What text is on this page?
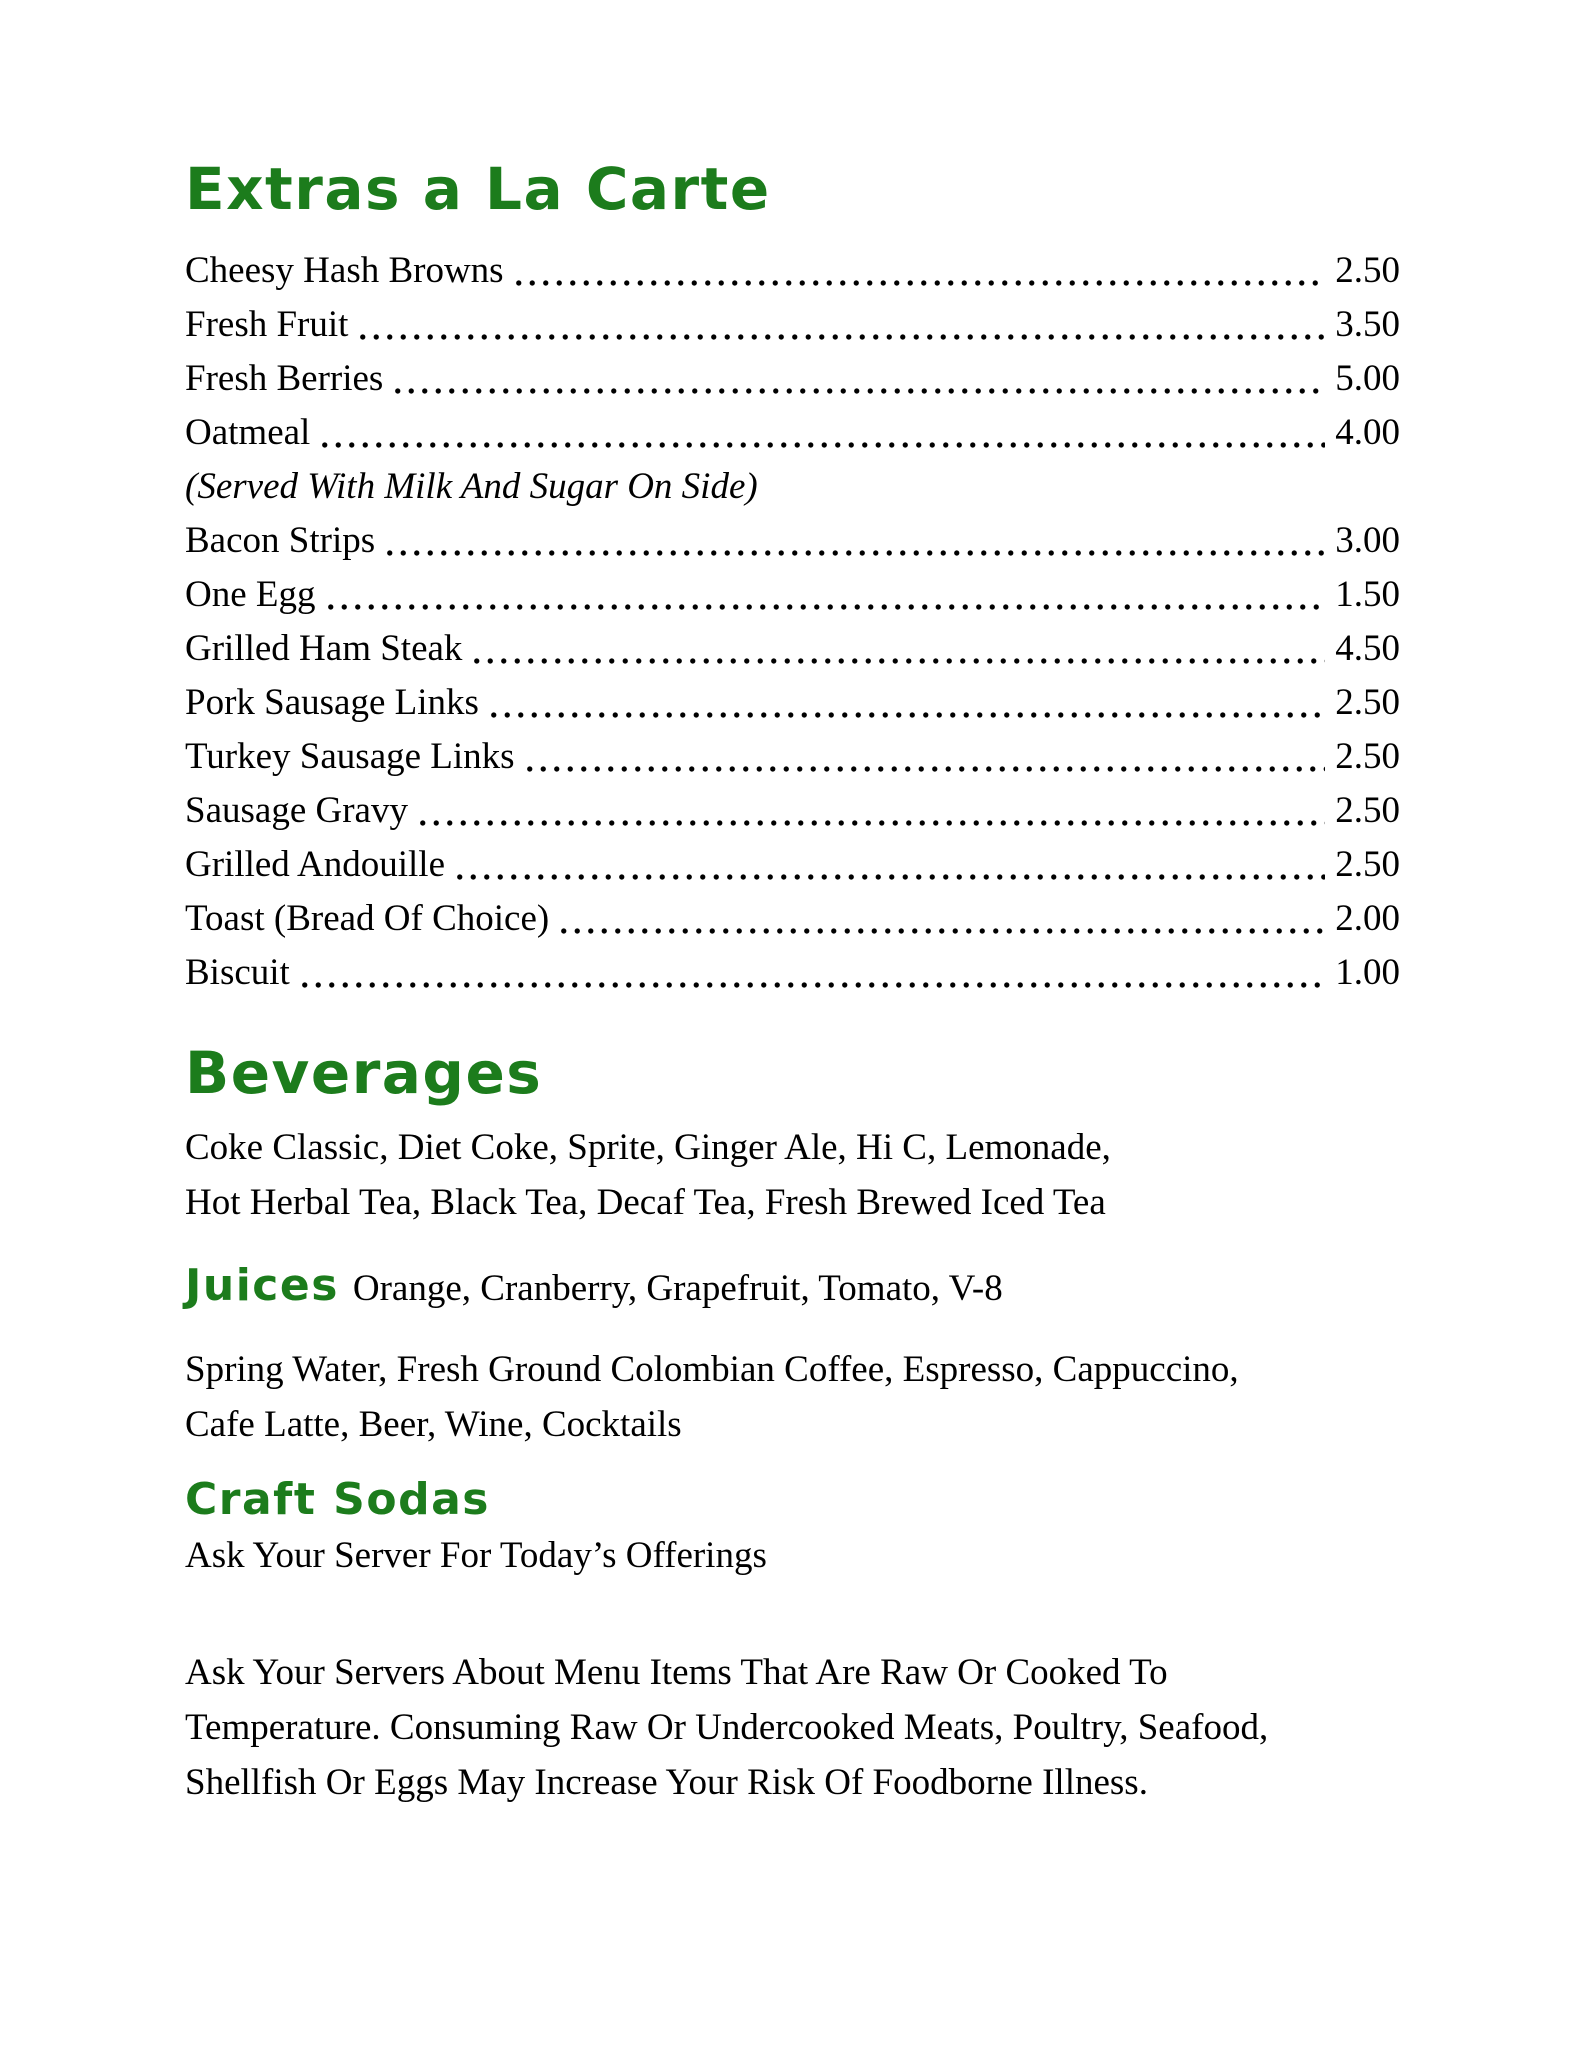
Extras a La Carte
Cheesy Hash Browns	2.50
Fresh Fruit	3.50
Fresh Berries	5.00
Oatmeal	4.00
(Served With Milk And Sugar On Side)
Bacon Strips	3.00
One Egg	1.50
Grilled Ham Steak	4.50
Pork Sausage Links	2.50
Turkey Sausage Links	2.50
Sausage Gravy	2.50
Grilled Andouille	2.50
Toast (Bread Of Choice)	2.00
Biscuit	1.00
Beverages

Coke Classic, Diet Coke, Sprite, Ginger Ale, Hi C, Lemonade,

Hot Herbal Tea, Black Tea, Decaf Tea, Fresh Brewed Iced Tea

Juices Orange, Cranberry, Grapefruit, Tomato, V-8

Spring Water, Fresh Ground Colombian Coffee, Espresso, Cappuccino,

Cafe Latte, Beer, Wine, Cocktails

Craft Sodas

Ask Your Server For Today’s Offerings

Ask Your Servers About Menu Items That Are Raw Or Cooked To

Temperature. Consuming Raw Or Undercooked Meats, Poultry, Seafood,

Shellfish Or Eggs May Increase Your Risk Of Foodborne Illness.
